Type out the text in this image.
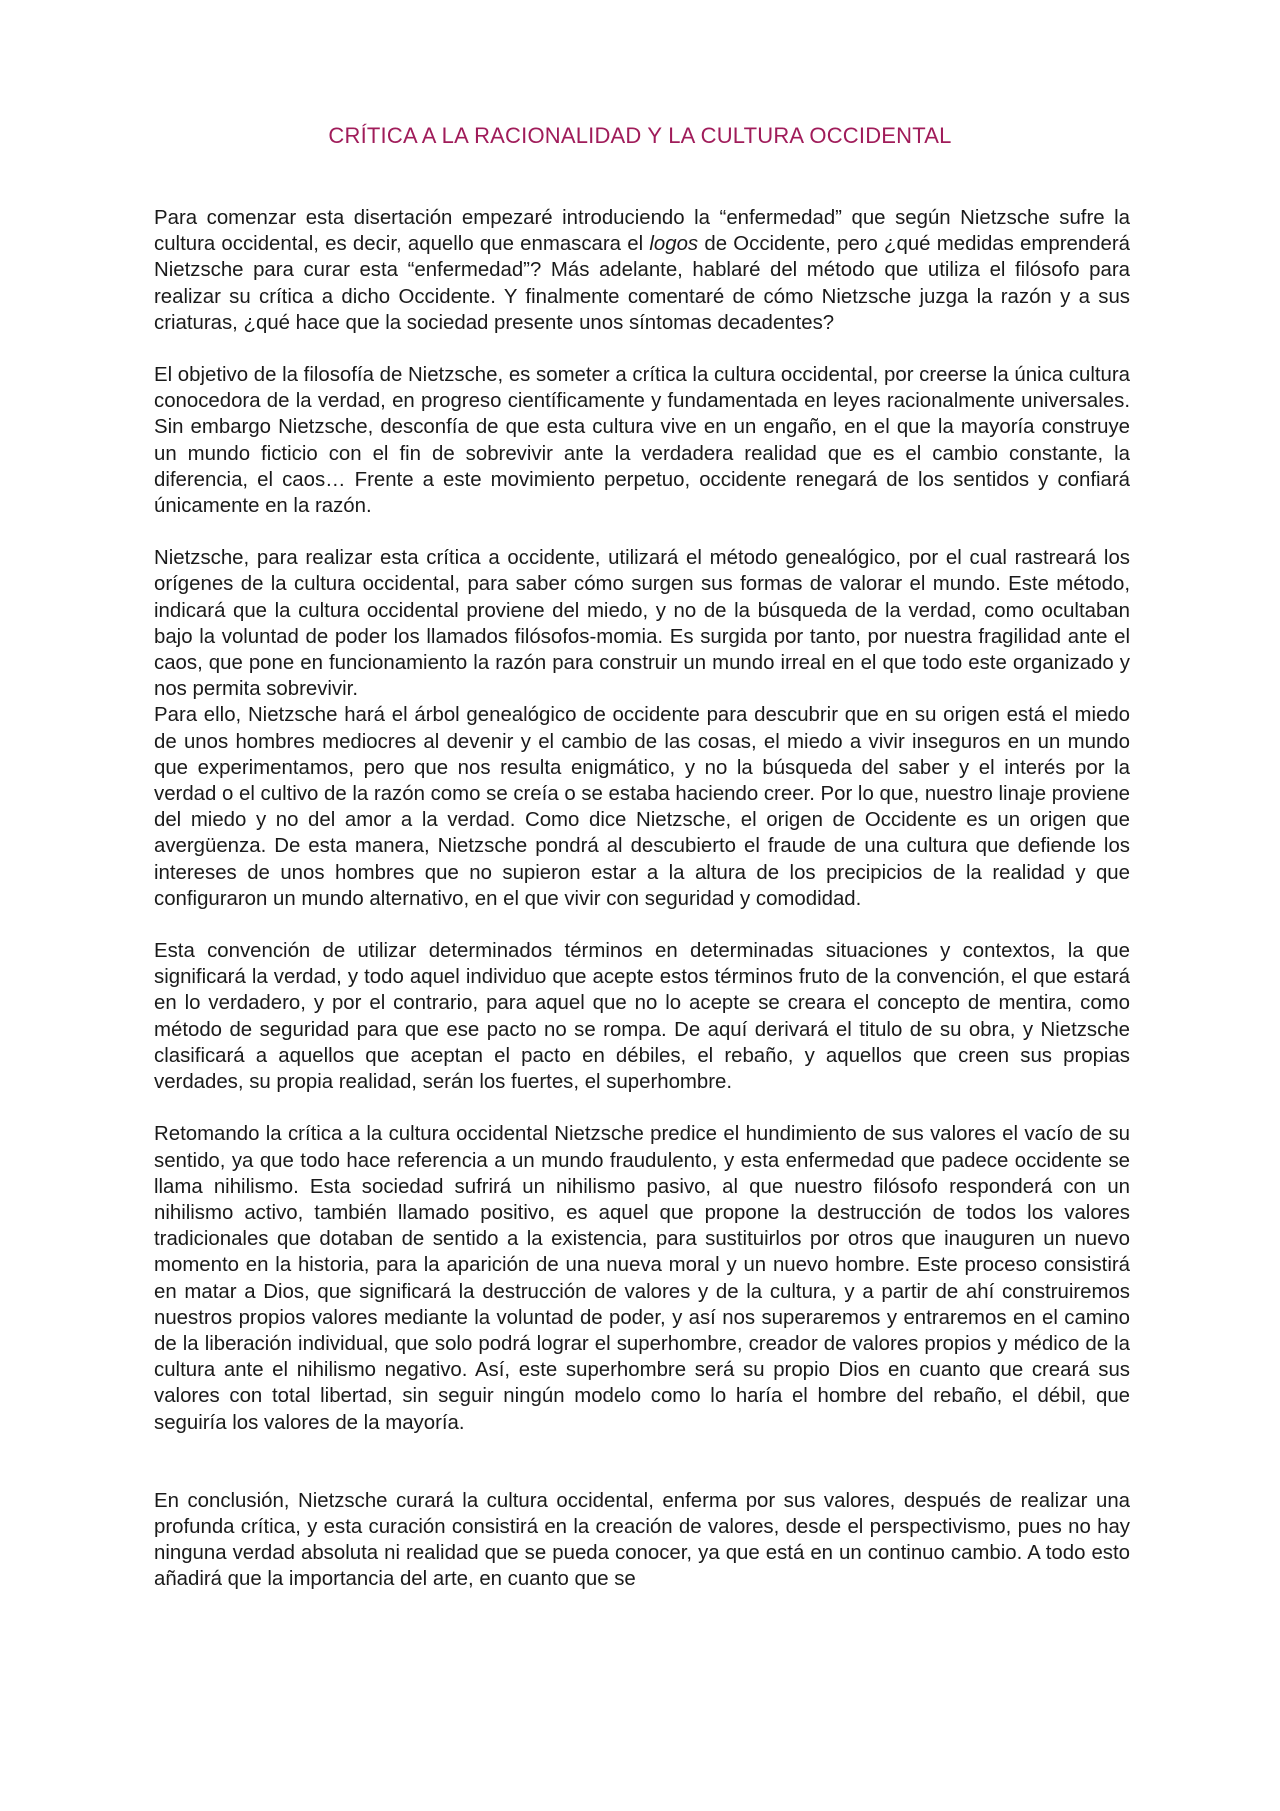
CRÍTICA A LA RACIONALIDAD Y LA CULTURA OCCIDENTAL

Para comenzar esta disertación empezaré introduciendo la “enfermedad” que según Nietzsche sufre la cultura occidental, es decir, aquello que enmascara el logos de Occidente, pero ¿qué medidas emprenderá Nietzsche para curar esta “enfermedad”? Más adelante, hablaré del método que utiliza el filósofo para realizar su crítica a dicho Occidente. Y finalmente comentaré de cómo Nietzsche juzga la razón y a sus criaturas, ¿qué hace que la sociedad presente unos síntomas decadentes?

El objetivo de la filosofía de Nietzsche, es someter a crítica la cultura occidental, por creerse la única cultura conocedora de la verdad, en progreso científicamente y fundamentada en leyes racionalmente universales. Sin embargo Nietzsche, desconfía de que esta cultura vive en un engaño, en el que la mayoría construye un mundo ficticio con el fin de sobrevivir ante la verdadera realidad que es el cambio constante, la diferencia, el caos… Frente a este movimiento perpetuo, occidente renegará de los sentidos y confiará únicamente en la razón.

Nietzsche, para realizar esta crítica a occidente, utilizará el método genealógico, por el cual rastreará los orígenes de la cultura occidental, para saber cómo surgen sus formas de valorar el mundo. Este método, indicará que la cultura occidental proviene del miedo, y no de la búsqueda de la verdad, como ocultaban bajo la voluntad de poder los llamados filósofos-momia. Es surgida por tanto, por nuestra fragilidad ante el caos, que pone en funcionamiento la razón para construir un mundo irreal en el que todo este organizado y nos permita sobrevivir.

Para ello, Nietzsche hará el árbol genealógico de occidente para descubrir que en su origen está el miedo de unos hombres mediocres al devenir y el cambio de las cosas, el miedo a vivir inseguros en un mundo que experimentamos, pero que nos resulta enigmático, y no la búsqueda del saber y el interés por la verdad o el cultivo de la razón como se creía o se estaba haciendo creer. Por lo que, nuestro linaje proviene del miedo y no del amor a la verdad. Como dice Nietzsche, el origen de Occidente es un origen que avergüenza. De esta manera, Nietzsche pondrá al descubierto el fraude de una cultura que defiende los intereses de unos hombres que no supieron estar a la altura de los precipicios de la realidad y que configuraron un mundo alternativo, en el que vivir con seguridad y comodidad.

Esta convención de utilizar determinados términos en determinadas situaciones y contextos, la que significará la verdad, y todo aquel individuo que acepte estos términos fruto de la convención, el que estará en lo verdadero, y por el contrario, para aquel que no lo acepte se creara el concepto de mentira, como método de seguridad para que ese pacto no se rompa. De aquí derivará el titulo de su obra, y Nietzsche clasificará a aquellos que aceptan el pacto en débiles, el rebaño, y aquellos que creen sus propias verdades, su propia realidad, serán los fuertes, el superhombre.

Retomando la crítica a la cultura occidental Nietzsche predice el hundimiento de sus valores el vacío de su sentido, ya que todo hace referencia a un mundo fraudulento, y esta enfermedad que padece occidente se llama nihilismo. Esta sociedad sufrirá un nihilismo pasivo, al que nuestro filósofo responderá con un nihilismo activo, también llamado positivo, es aquel que propone la destrucción de todos los valores tradicionales que dotaban de sentido a la existencia, para sustituirlos por otros que inauguren un nuevo momento en la historia, para la aparición de una nueva moral y un nuevo hombre. Este proceso consistirá en matar a Dios, que significará la destrucción de valores y de la cultura, y a partir de ahí construiremos nuestros propios valores mediante la voluntad de poder, y así nos superaremos y entraremos en el camino de la liberación individual, que solo podrá lograr el superhombre, creador de valores propios y médico de la cultura ante el nihilismo negativo. Así, este superhombre será su propio Dios en cuanto que creará sus valores con total libertad, sin seguir ningún modelo como lo haría el hombre del rebaño, el débil, que seguiría los valores de la mayoría.

En conclusión, Nietzsche curará la cultura occidental, enferma por sus valores, después de realizar una profunda crítica, y esta curación consistirá en la creación de valores, desde el perspectivismo, pues no hay ninguna verdad absoluta ni realidad que se pueda conocer, ya que está en un continuo cambio. A todo esto añadirá que la importancia del arte, en cuanto que se
